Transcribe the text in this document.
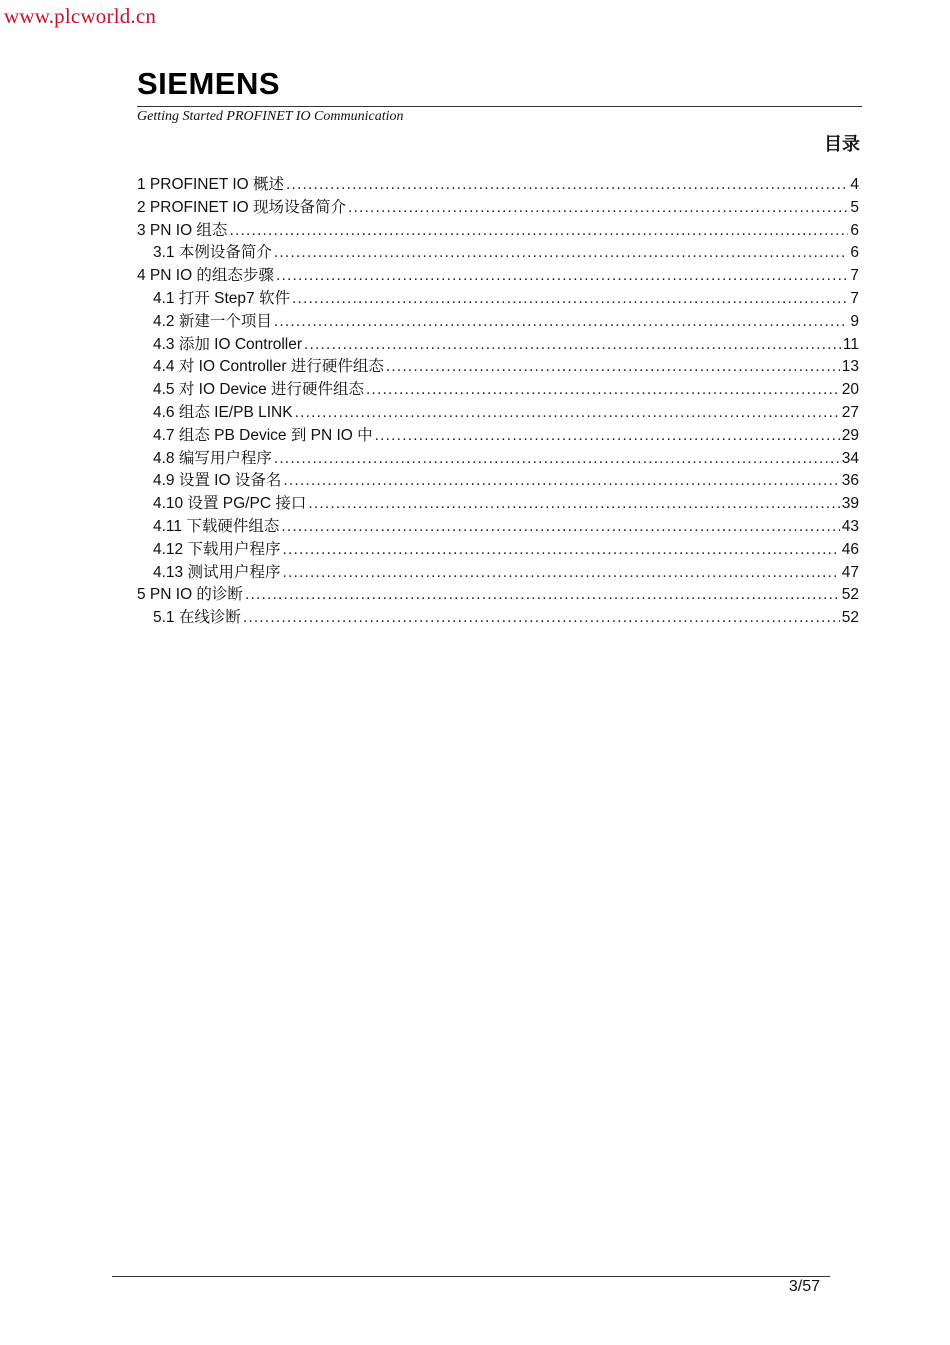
www.plcworld.cn
SIEMENS
Getting Started PROFINET IO Communication
目录
1 PROFINET IO 概述 .....	4
2 PROFINET IO 现场设备简介 .....	5
3 PN IO 组态 .....	6
3.1 本例设备简介 .....	6
4 PN IO 的组态步骤 .....	7
4.1 打开 Step7 软件 .....	7
4.2 新建一个项目 .....	9
4.3 添加 IO Controller .....	11
4.4 对 IO Controller 进行硬件组态 .....	13
4.5 对 IO Device 进行硬件组态 .....	20
4.6 组态 IE/PB LINK .....	27
4.7 组态 PB Device 到 PN IO 中 .....	29
4.8 编写用户程序 .....	34
4.9 设置 IO 设备名 .....	36
4.10 设置 PG/PC 接口 .....	39
4.11 下载硬件组态 .....	43
4.12 下载用户程序 .....	46
4.13 测试用户程序 .....	47
5 PN IO 的诊断 .....	52
5.1 在线诊断 .....	52
3/57
